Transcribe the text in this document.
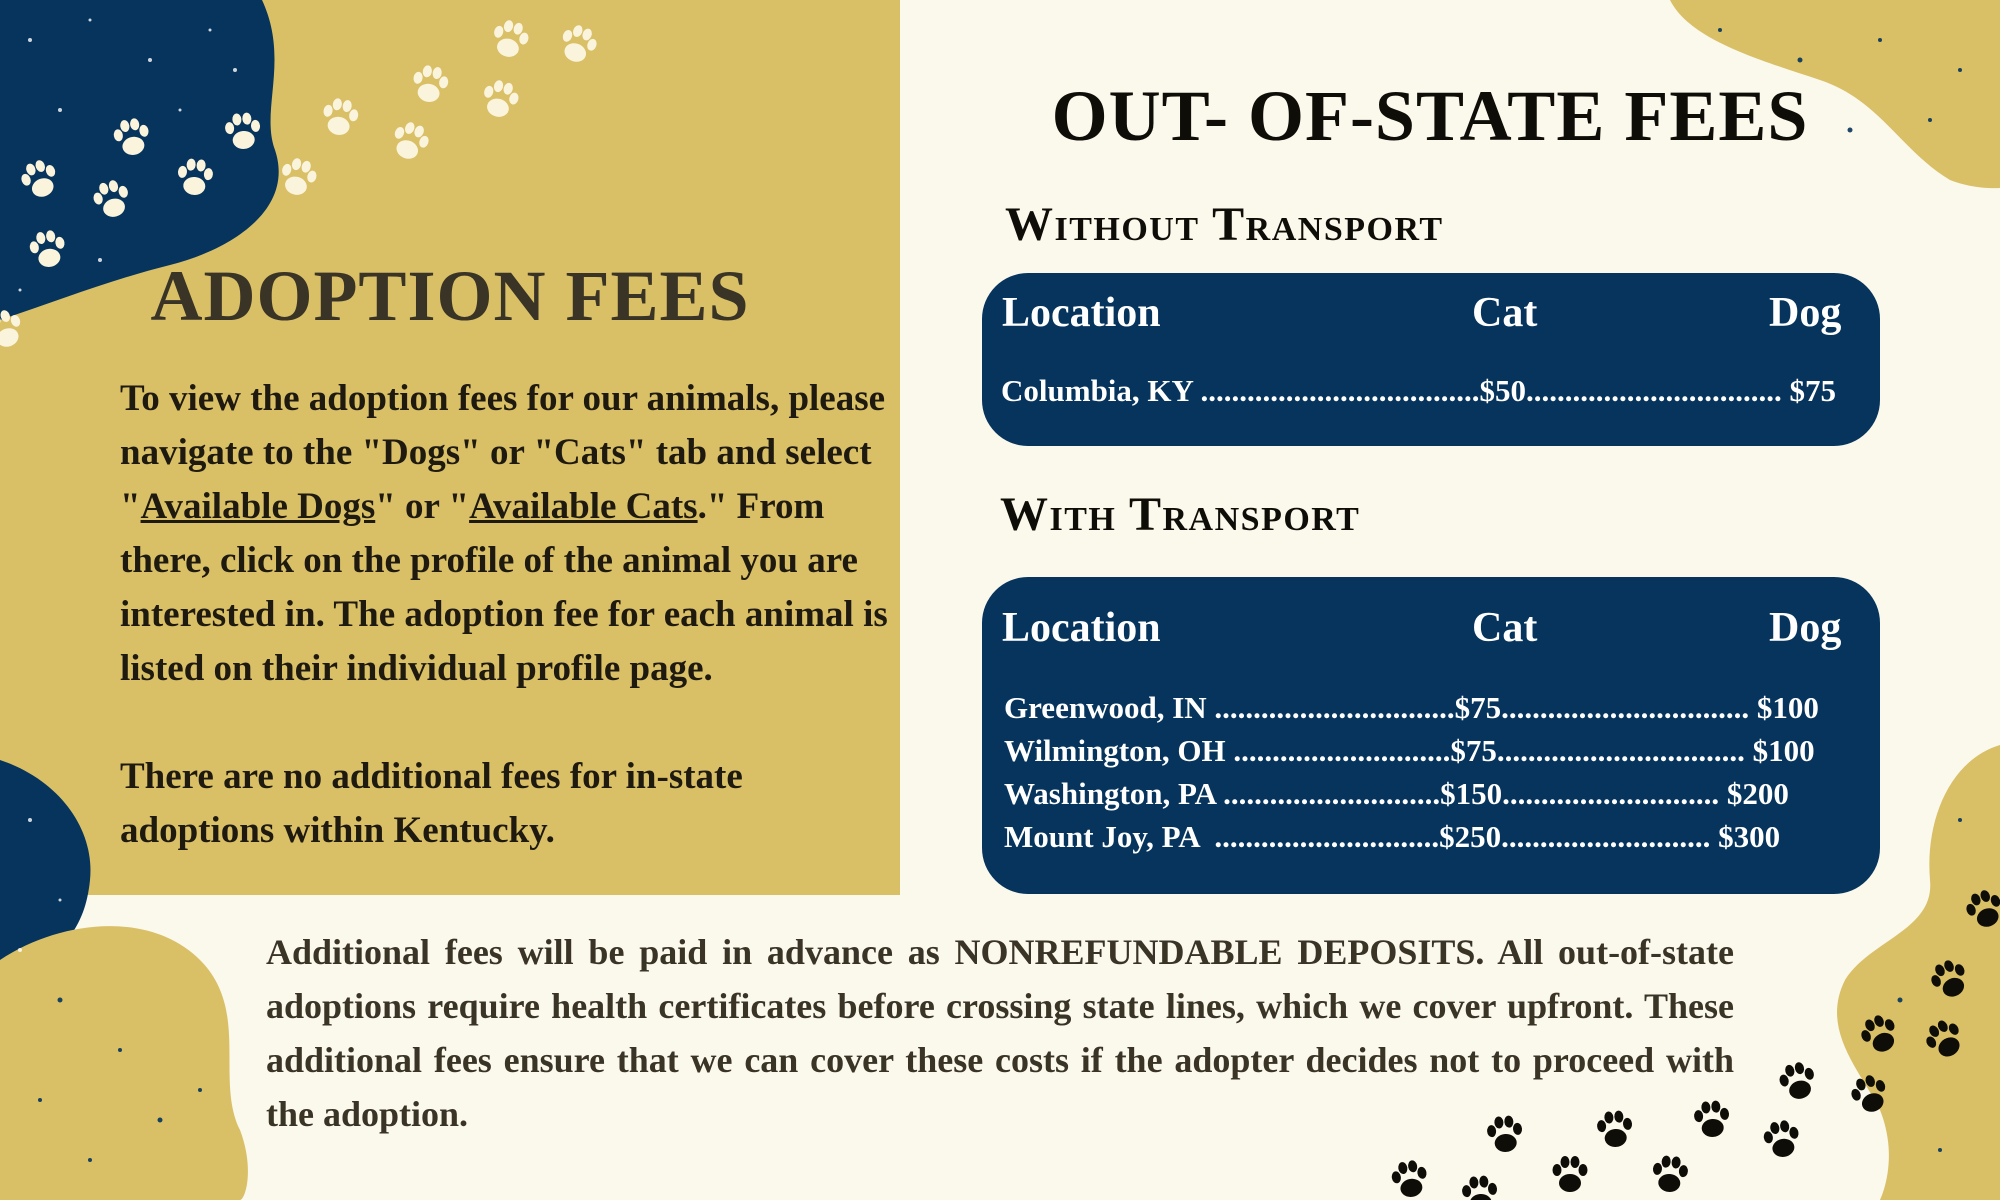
ADOPTION FEES

To view the adoption fees for our animals, please navigate to the "Dogs" or "Cats" tab and select "Available Dogs" or "Available Cats." From there, click on the profile of the animal you are interested in. The adoption fee for each animal is listed on their individual profile page.

There are no additional fees for in-state adoptions within Kentucky.

OUT- OF-STATE FEES
Without Transport
Location	Cat	Dog
Columbia, KY ....................................$50................................. $75
With Transport
Location	Cat	Dog
Greenwood, IN ...............................$75................................ $100
Wilmington, OH ............................$75................................ $100
Washington, PA ............................$150............................ $200
Mount Joy, PA  .............................$250........................... $300

Additional fees will be paid in advance as NONREFUNDABLE DEPOSITS. All out-of-state adoptions require health certificates before crossing state lines, which we cover upfront. These additional fees ensure that we can cover these costs if the adopter decides not to proceed with the adoption.
